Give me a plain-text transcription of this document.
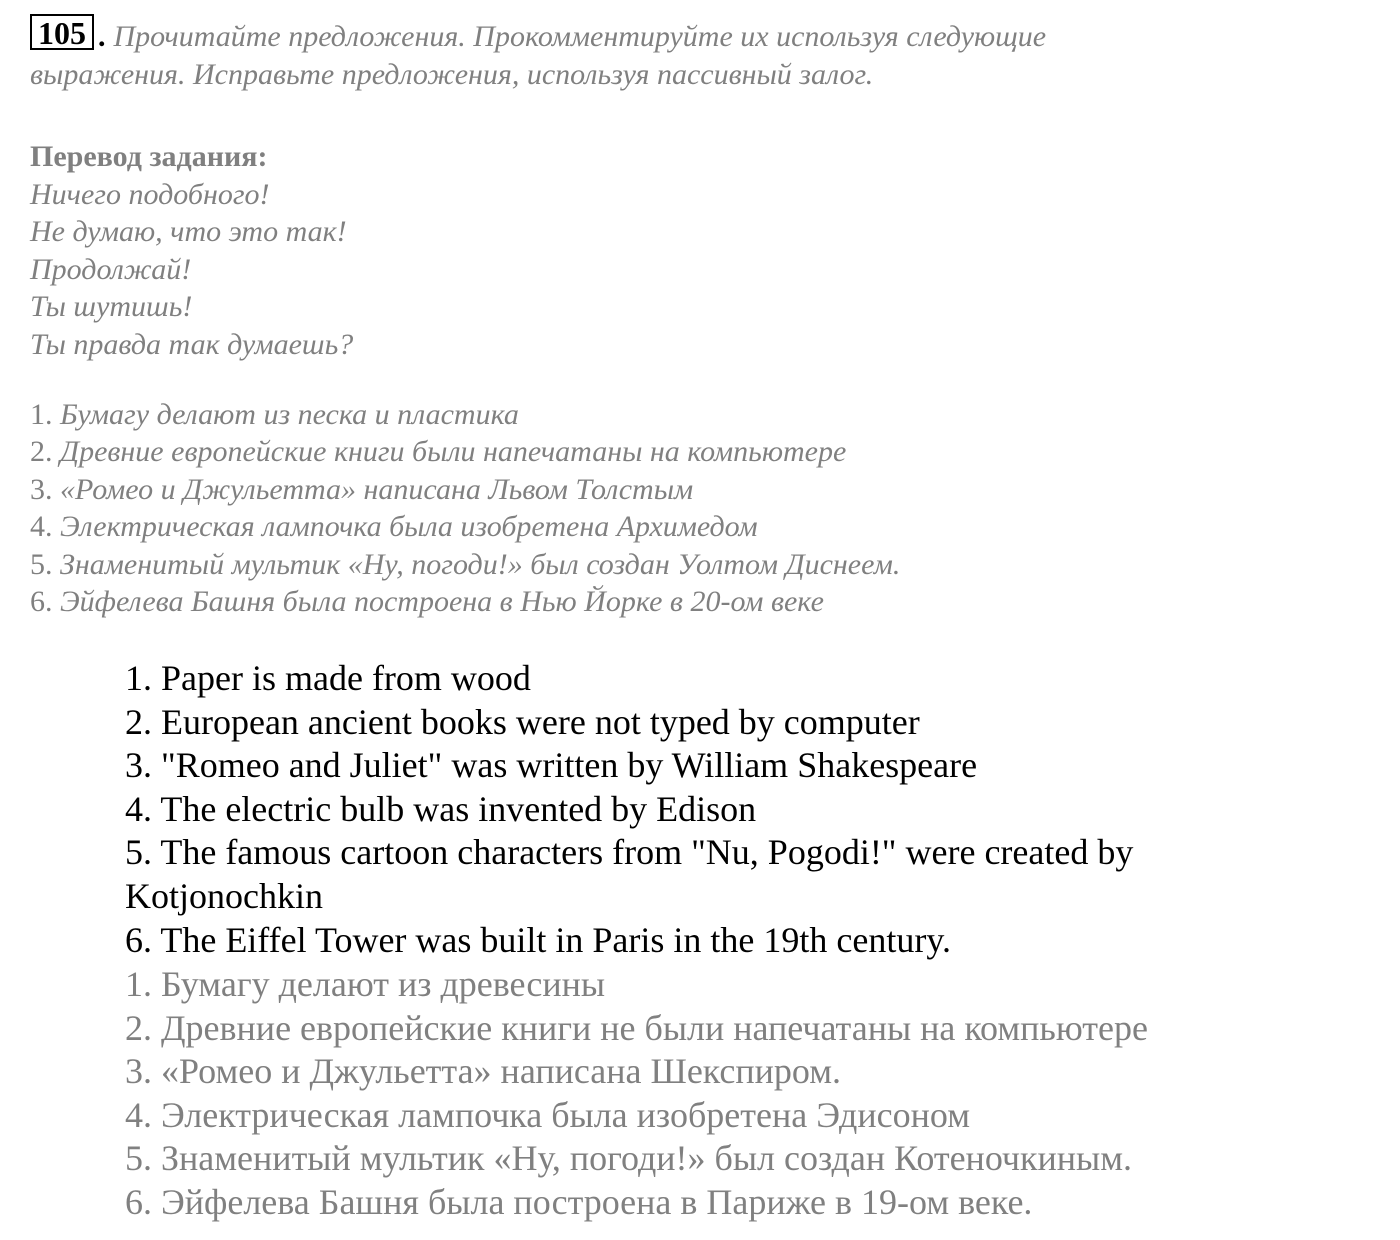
105 . Прочитайте предложения. Прокомментируйте их используя следующие
выражения. Исправьте предложения, используя пассивный залог.
Перевод задания:
Ничего подобного!
Не думаю, что это так!
Продолжай!
Ты шутишь!
Ты правда так думаешь?
1. Бумагу делают из песка и пластика
2. Древние европейские книги были напечатаны на компьютере
3. «Ромео и Джульетта» написана Львом Толстым
4. Электрическая лампочка была изобретена Архимедом
5. Знаменитый мультик «Ну, погоди!» был создан Уолтом Диснеем.
6. Эйфелева Башня была построена в Нью Йорке в 20-ом веке
1. Paper is made from wood
2. European ancient books were not typed by computer
3. "Romeo and Juliet" was written by William Shakespeare
4. The electric bulb was invented by Edison
5. The famous cartoon characters from "Nu, Pogodi!" were created by Kotjonochkin
6. The Eiffel Tower was built in Paris in the 19th century.
1. Бумагу делают из древесины
2. Древние европейские книги не были напечатаны на компьютере
3. «Ромео и Джульетта» написана Шекспиром.
4. Электрическая лампочка была изобретена Эдисоном
5. Знаменитый мультик «Ну, погоди!» был создан Котеночкиным.
6. Эйфелева Башня была построена в Париже в 19-ом веке.
